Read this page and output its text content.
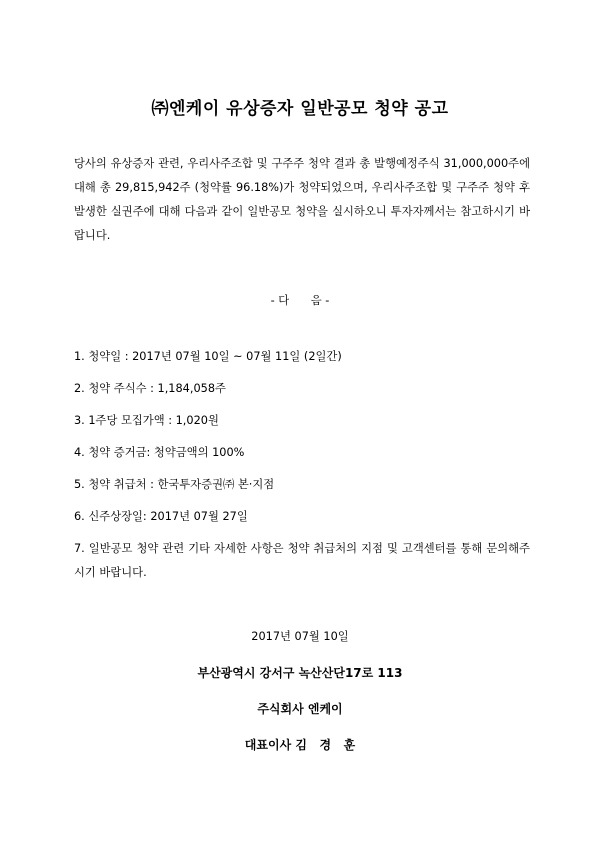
㈜엔케이 유상증자 일반공모 청약 공고

당사의 유상증자 관련, 우리사주조합 및 구주주 청약 결과 총 발행예정주식 31,000,000주에 대해 총 29,815,942주 (청약률 96.18%)가 청약되었으며, 우리사주조합 및 구주주 청약 후 발생한 실권주에 대해 다음과 같이 일반공모 청약을 실시하오니 투자자께서는 참고하시기 바랍니다.

- 다      음 -
1. 청약일 : 2017년 07월 10일 ~ 07월 11일 (2일간)
2. 청약 주식수 : 1,184,058주
3. 1주당 모집가액 : 1,020원
4. 청약 증거금: 청약금액의 100%
5. 청약 취급처 : 한국투자증권㈜ 본·지점
6. 신주상장일: 2017년 07월 27일
7. 일반공모 청약 관련 기타 자세한 사항은 청약 취급처의 지점 및 고객센터를 통해 문의해주시기 바랍니다.
2017년 07월 10일
부산광역시 강서구 녹산산단17로 113
주식회사 엔케이
대표이사 김   경   훈
